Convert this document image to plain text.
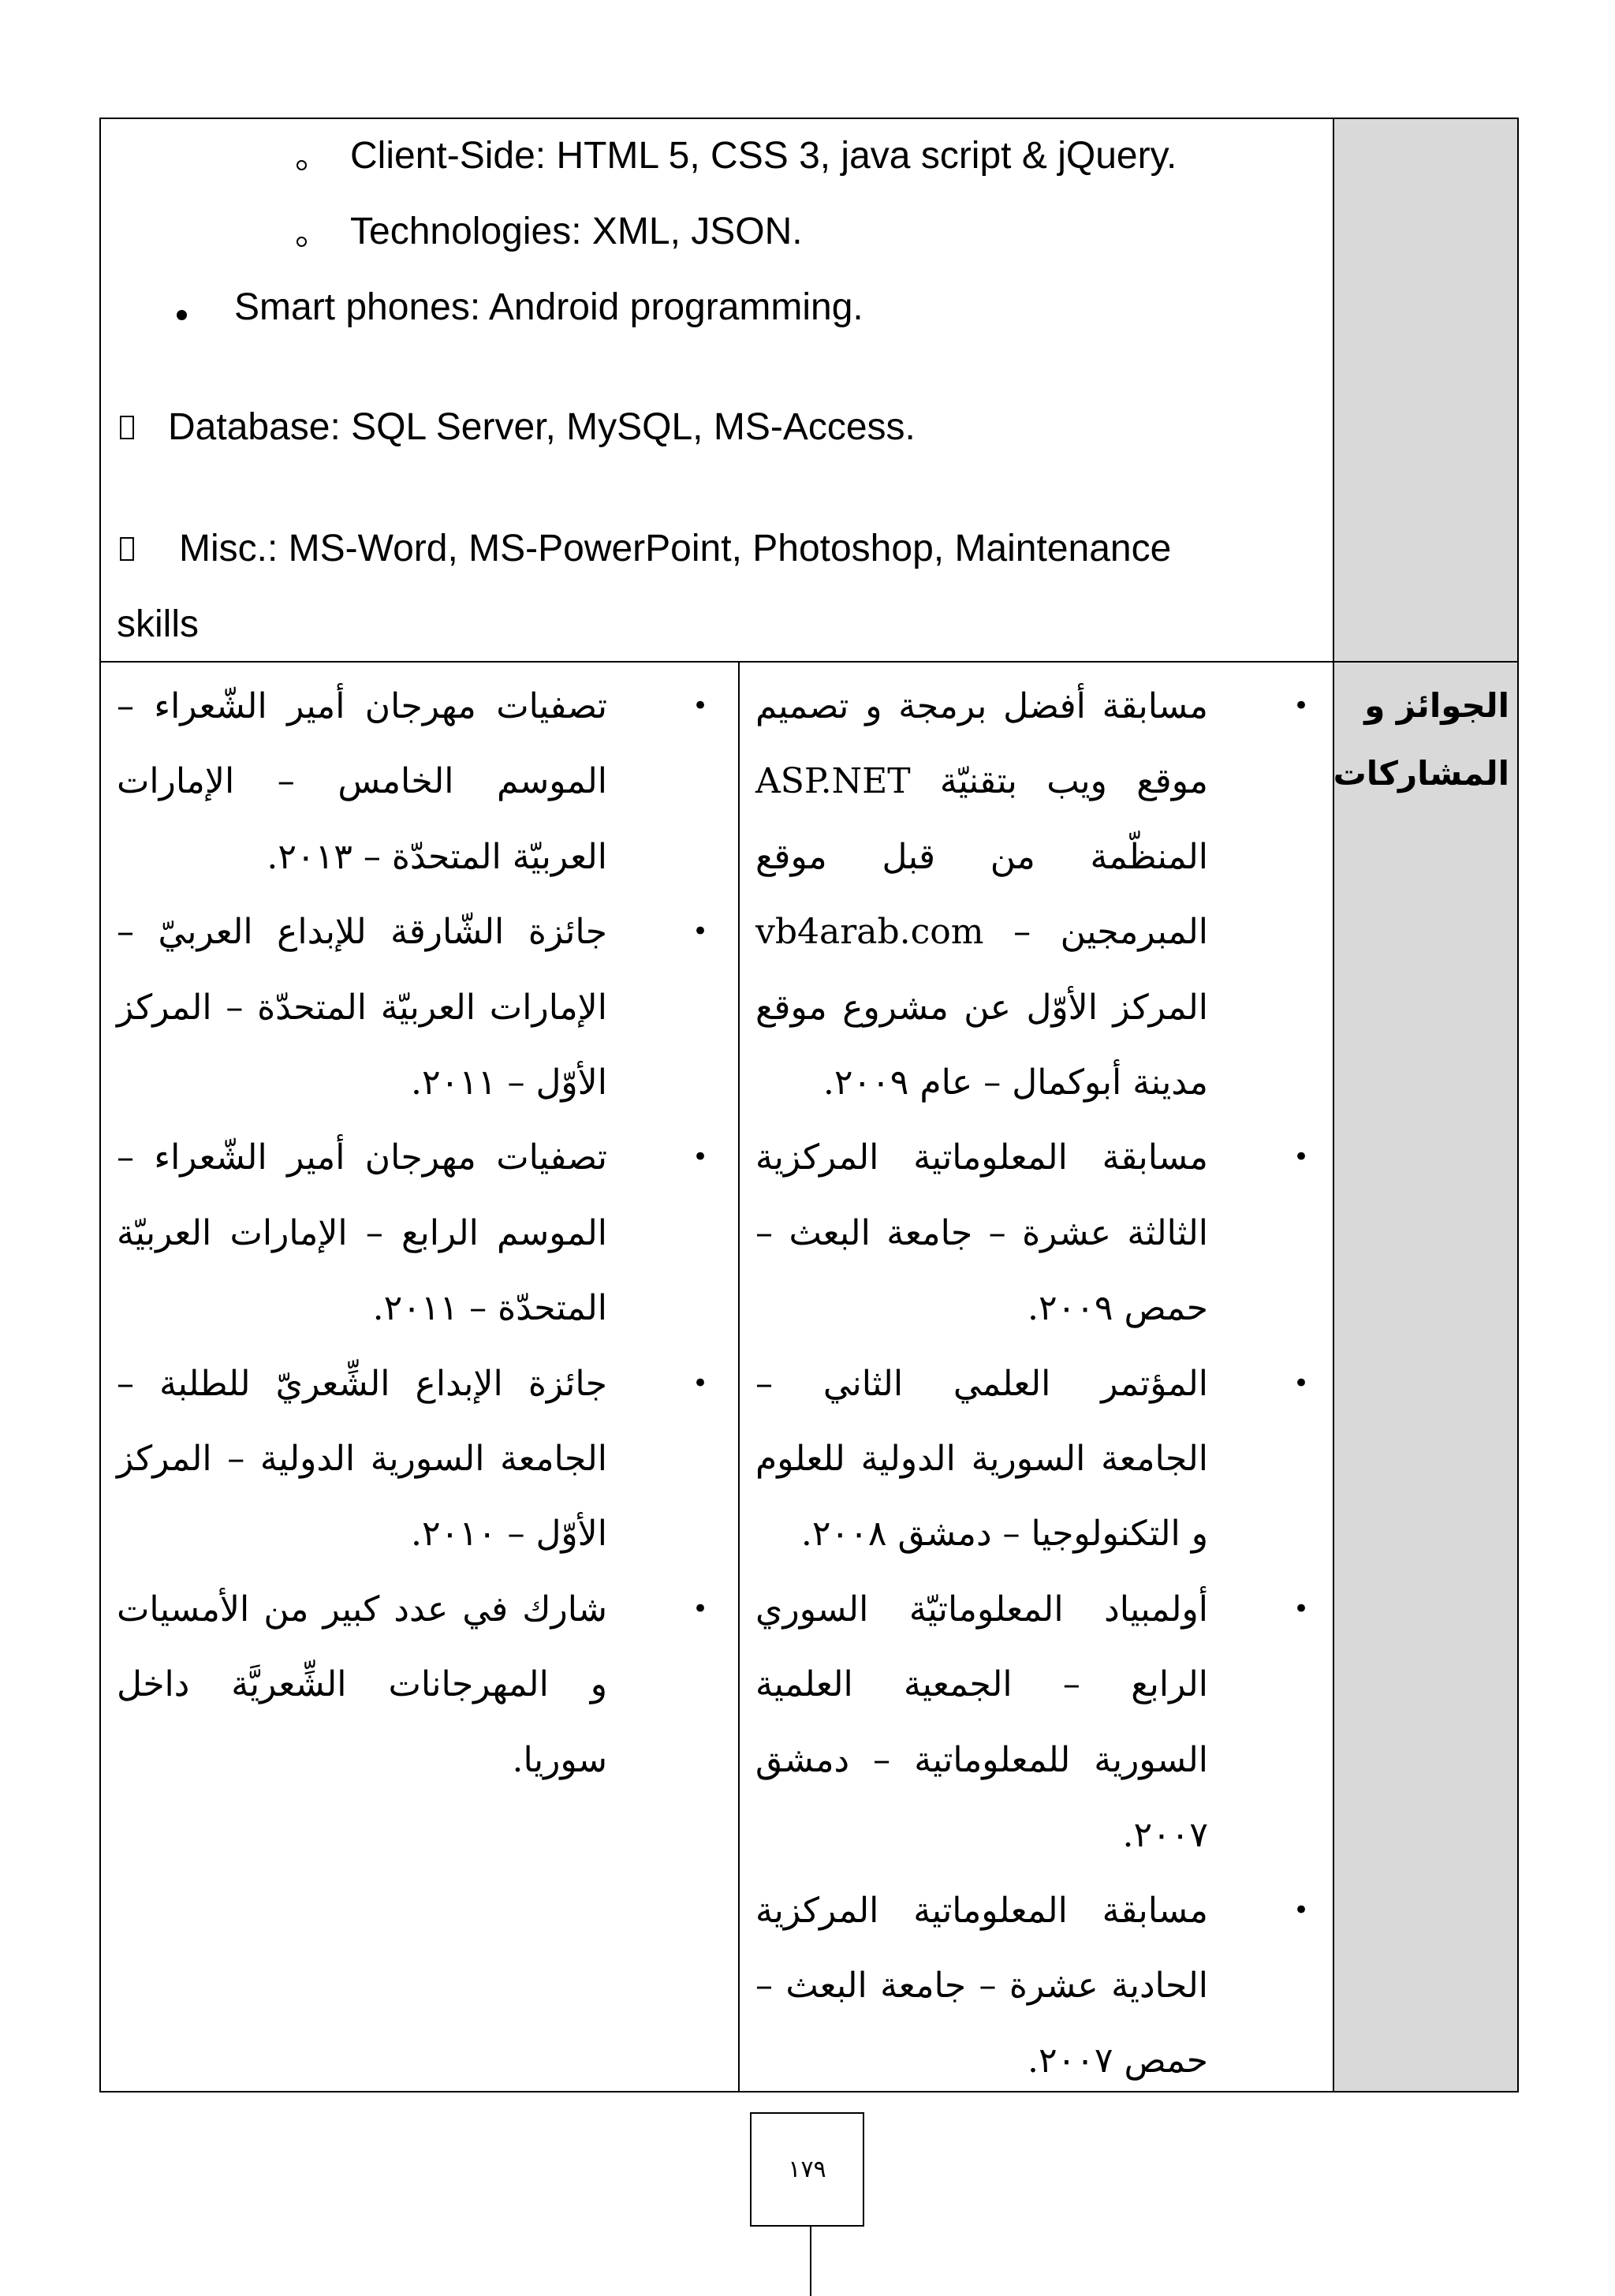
Client-Side: HTML 5, CSS 3, java script & jQuery.
Technologies: XML, JSON.
Smart phones: Android programming.
Database: SQL Server, MySQL, MS-Access.
Misc.: MS-Word, MS-PowerPoint, Photoshop, Maintenance
skills
الجوائز و
المشاركات
• مسابقة أفضل برمجة و تصميم موقع ويب بتقنيّة ASP.NET المنظّمة من قبل موقع المبرمجين – vb4arab.com المركز الأوّل عن مشروع موقع مدينة أبوكمال – عام ٢٠٠٩.
• مسابقة المعلوماتية المركزية الثالثة عشرة – جامعة البعث – حمص ٢٠٠٩.
• المؤتمر العلمي الثاني – الجامعة السورية الدولية للعلوم و التكنولوجيا – دمشق ٢٠٠٨.
• أولمبياد المعلوماتيّة السوري الرابع – الجمعية العلمية السورية للمعلوماتية – دمشق ٢٠٠٧.
• مسابقة المعلوماتية المركزية الحادية عشرة – جامعة البعث – حمص ٢٠٠٧.
• تصفيات مهرجان أمير الشّعراء – الموسم الخامس – الإمارات العربيّة المتحدّة – ٢٠١٣.
• جائزة الشّارقة للإبداع العربيّ – الإمارات العربيّة المتحدّة – المركز الأوّل – ٢٠١١.
• تصفيات مهرجان أمير الشّعراء – الموسم الرابع – الإمارات العربيّة المتحدّة – ٢٠١١.
• جائزة الإبداع الشِّعريّ للطلبة – الجامعة السورية الدولية – المركز الأوّل – ٢٠١٠.
• شارك في عدد كبير من الأمسيات و المهرجانات الشِّعريَّة داخل سوريا.
١٧٩
